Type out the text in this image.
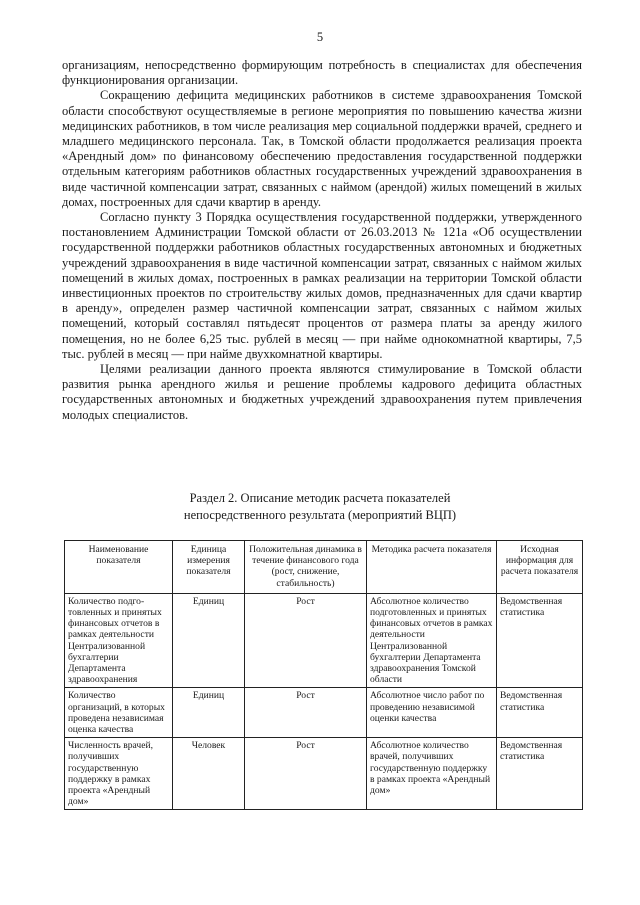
5

организациям, непосредственно формирующим потребность в специалистах для обеспечения функционирования организации.

Сокращению дефицита медицинских работников в системе здравоохранения Томской области способствуют осуществляемые в регионе мероприятия по повышению качества жизни медицинских работников, в том числе реализация мер социальной поддержки врачей, среднего и младшего медицинского персонала. Так, в Томской области продолжается реализация проекта «Арендный дом» по финансовому обеспечению предоставления государственной поддержки отдельным категориям работников областных государственных учреждений здравоохранения в виде частичной компенсации затрат, связанных с наймом (арендой) жилых помещений в жилых домах, построенных для сдачи квартир в аренду.

Согласно пункту 3 Порядка осуществления государственной поддержки, утвержденного постановлением Администрации Томской области от 26.03.2013 № 121а «Об осуществлении государственной поддержки работников областных государственных автономных и бюджетных учреждений здравоохранения в виде частичной компенсации затрат, связанных с наймом жилых помещений в жилых домах, построенных в рамках реализации на территории Томской области инвестиционных проектов по строительству жилых домов, предназначенных для сдачи квартир в аренду», определен размер частичной компенсации затрат, связанных с наймом жилых помещений, который составлял пятьдесят процентов от размера платы за аренду жилого помещения, но не более 6,25 тыс. рублей в месяц — при найме однокомнатной квартиры, 7,5 тыс. рублей в месяц — при найме двухкомнатной квартиры.

Целями реализации данного проекта являются стимулирование в Томской области развития рынка арендного жилья и решение проблемы кадрового дефицита областных государственных автономных и бюджетных учреждений здравоохранения путем привлечения молодых специалистов.

Раздел 2. Описание методик расчета показателей
непосредственного результата (мероприятий ВЦП)
Наименование показателя	Единица измерения показателя	Положительная динамика в течение финансового года (рост, снижение, стабильность)	Методика расчета показателя	Исходная информация для расчета показателя
Количество подго-товленных и принятых финансовых отчетов в рамках деятельности Централизованной бухгалтерии Департамента здравоохранения	Единиц	Рост	Абсолютное количество подготовленных и принятых финансовых отчетов в рамках деятельности Централизованной бухгалтерии Департамента здравоохранения Томской области	Ведомственная статистика
Количество организаций, в которых проведена независимая оценка качества	Единиц	Рост	Абсолютное число работ по проведению независимой оценки качества	Ведомственная статистика
Численность врачей, получивших государственную поддержку в рамках проекта «Арендный дом»	Человек	Рост	Абсолютное количество врачей, получивших государственную поддержку в рамках проекта «Арендный дом»	Ведомственная статистика
